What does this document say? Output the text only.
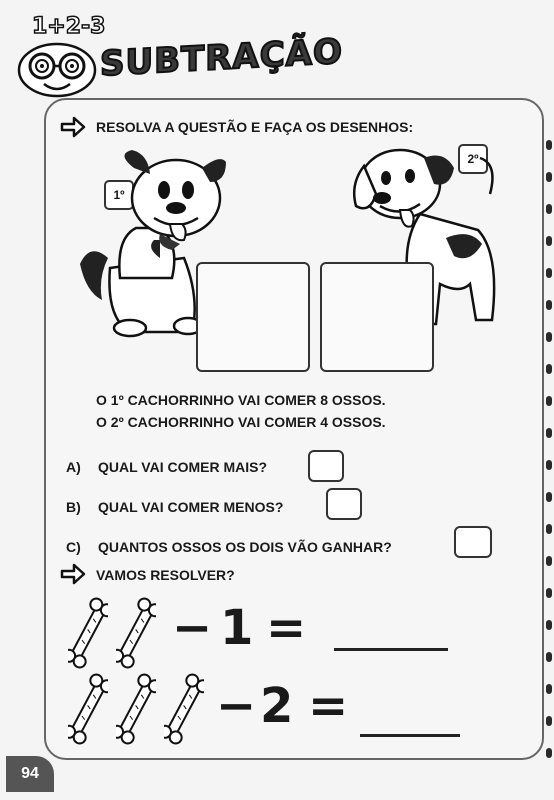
1+2-3
SUBTRAÇÃO
RESOLVA A QUESTÃO E FAÇA OS DESENHOS:
1º
2º
O 1º CACHORRINHO VAI COMER 8 OSSOS.
O 2º CACHORRINHO VAI COMER 4 OSSOS.
A) QUAL VAI COMER MAIS?
B) QUAL VAI COMER MENOS?
C) QUANTOS OSSOS OS DOIS VÃO GANHAR?
VAMOS RESOLVER?
− 1 =
− 2 =
94
